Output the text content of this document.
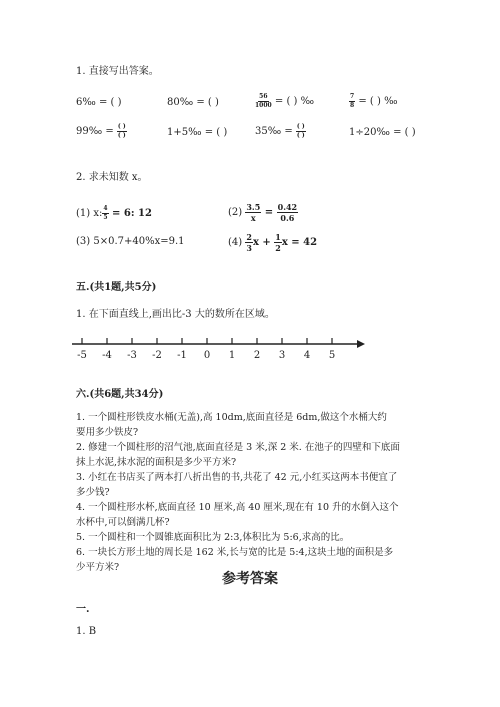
1. 直接写出答案。
6‰ = ( )	80‰ = ( )	$\frac{56}{1000}$ = ( ) ‰	$\frac{7}{8}$ = ( ) ‰
99‰ = $\frac{( )}{( )}$	1+5‰ = ( )	35‰ = $\frac{( )}{( )}$	1÷20‰ = ( )
2. 求未知数 x。
(1) x: $\frac{4}{5} = 6$: 12	$(2) \frac{3.5}{x} = \frac{0.42}{0.6}$
(3) 5×0.7+40%x=9.1	$(4) \frac{2}{3}$ $x + \frac{1}{2}$ x = 42
五.(共1题,共5分)
1. 在下面直线上,画出比-3 大的数所在区域。
-5 -4 -3 -2 -1 0 1 2 3 4 5
六.(共6题,共34分)

1. 一个圆柱形铁皮水桶(无盖),高 10dm,底面直径是 6dm,做这个水桶大约

要用多少铁皮?

2. 修建一个圆柱形的沼气池,底面直径是 3 米,深 2 米. 在池子的四壁和下底面

抹上水泥,抹水泥的面积是多少平方米?

3. 小红在书店买了两本打八折出售的书,共花了 42 元,小红买这两本书便宜了

多少钱?

4. 一个圆柱形水杯,底面直径 10 厘米,高 40 厘米,现在有 10 升的水倒入这个

水杯中,可以倒满几杯?

5. 一个圆柱和一个圆锥底面积比为 2:3,体积比为 5:6,求高的比。

6. 一块长方形土地的周长是 162 米,长与宽的比是 5:4,这块土地的面积是多

少平方米?

参考答案
一.
1. B
